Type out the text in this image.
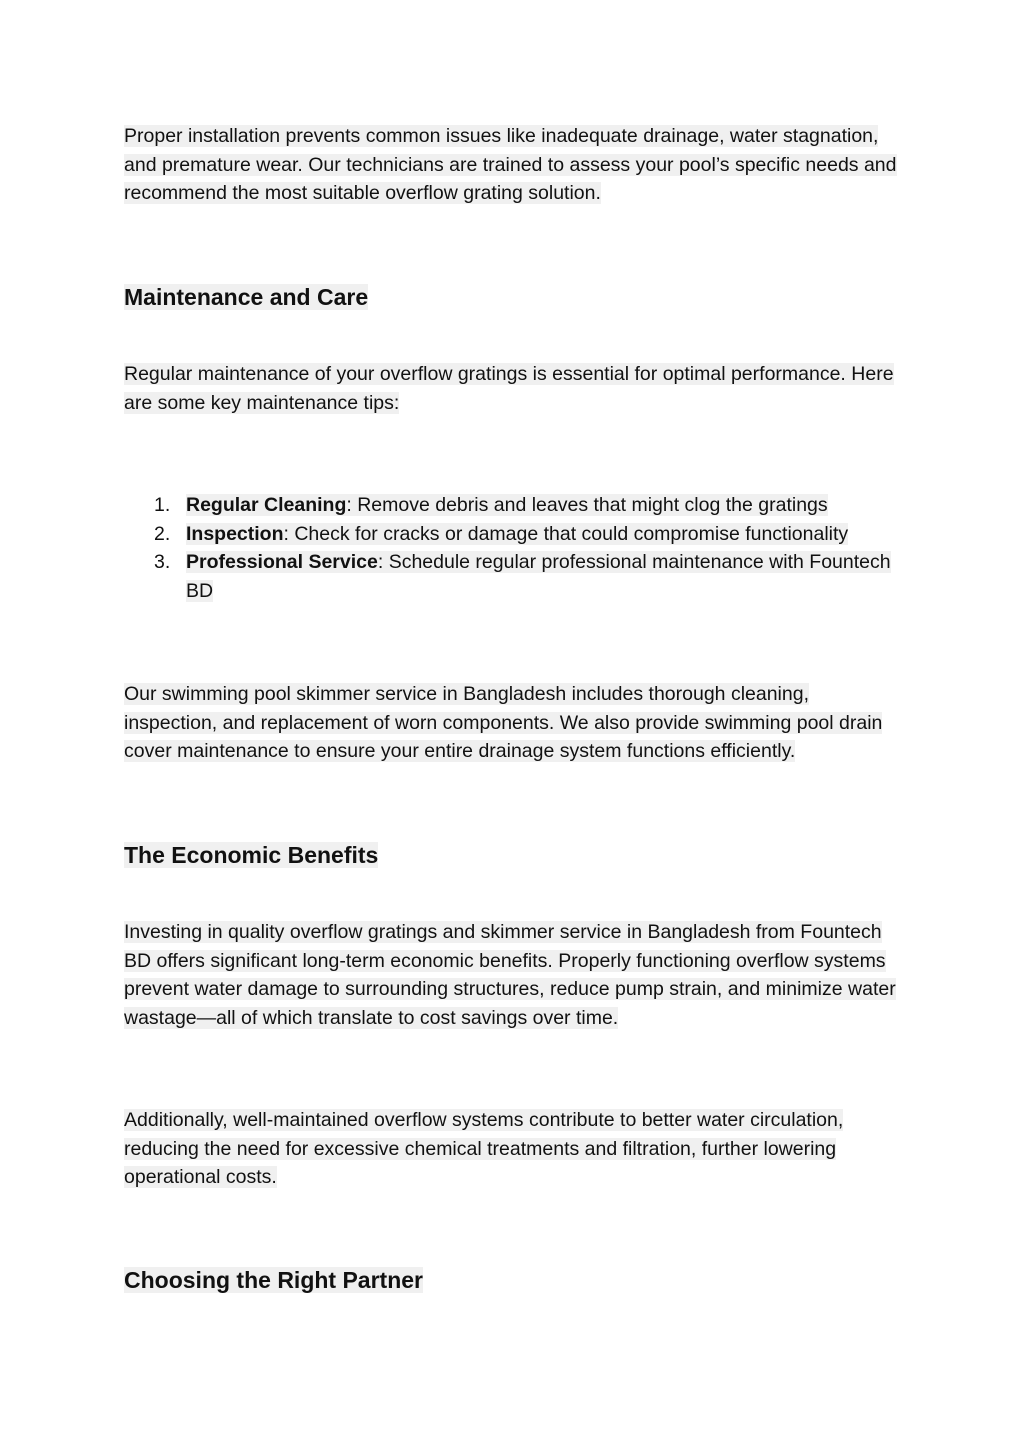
Proper installation prevents common issues like inadequate drainage, water stagnation, and premature wear. Our technicians are trained to assess your pool’s specific needs and recommend the most suitable overflow grating solution.

Maintenance and Care

Regular maintenance of your overflow gratings is essential for optimal performance. Here are some key maintenance tips:

1. Regular Cleaning: Remove debris and leaves that might clog the gratings
2. Inspection: Check for cracks or damage that could compromise functionality
3. Professional Service: Schedule regular professional maintenance with Fountech BD

Our swimming pool skimmer service in Bangladesh includes thorough cleaning, inspection, and replacement of worn components. We also provide swimming pool drain cover maintenance to ensure your entire drainage system functions efficiently.

The Economic Benefits

Investing in quality overflow gratings and skimmer service in Bangladesh from Fountech BD offers significant long-term economic benefits. Properly functioning overflow systems prevent water damage to surrounding structures, reduce pump strain, and minimize water wastage—all of which translate to cost savings over time.

Additionally, well-maintained overflow systems contribute to better water circulation, reducing the need for excessive chemical treatments and filtration, further lowering operational costs.

Choosing the Right Partner
